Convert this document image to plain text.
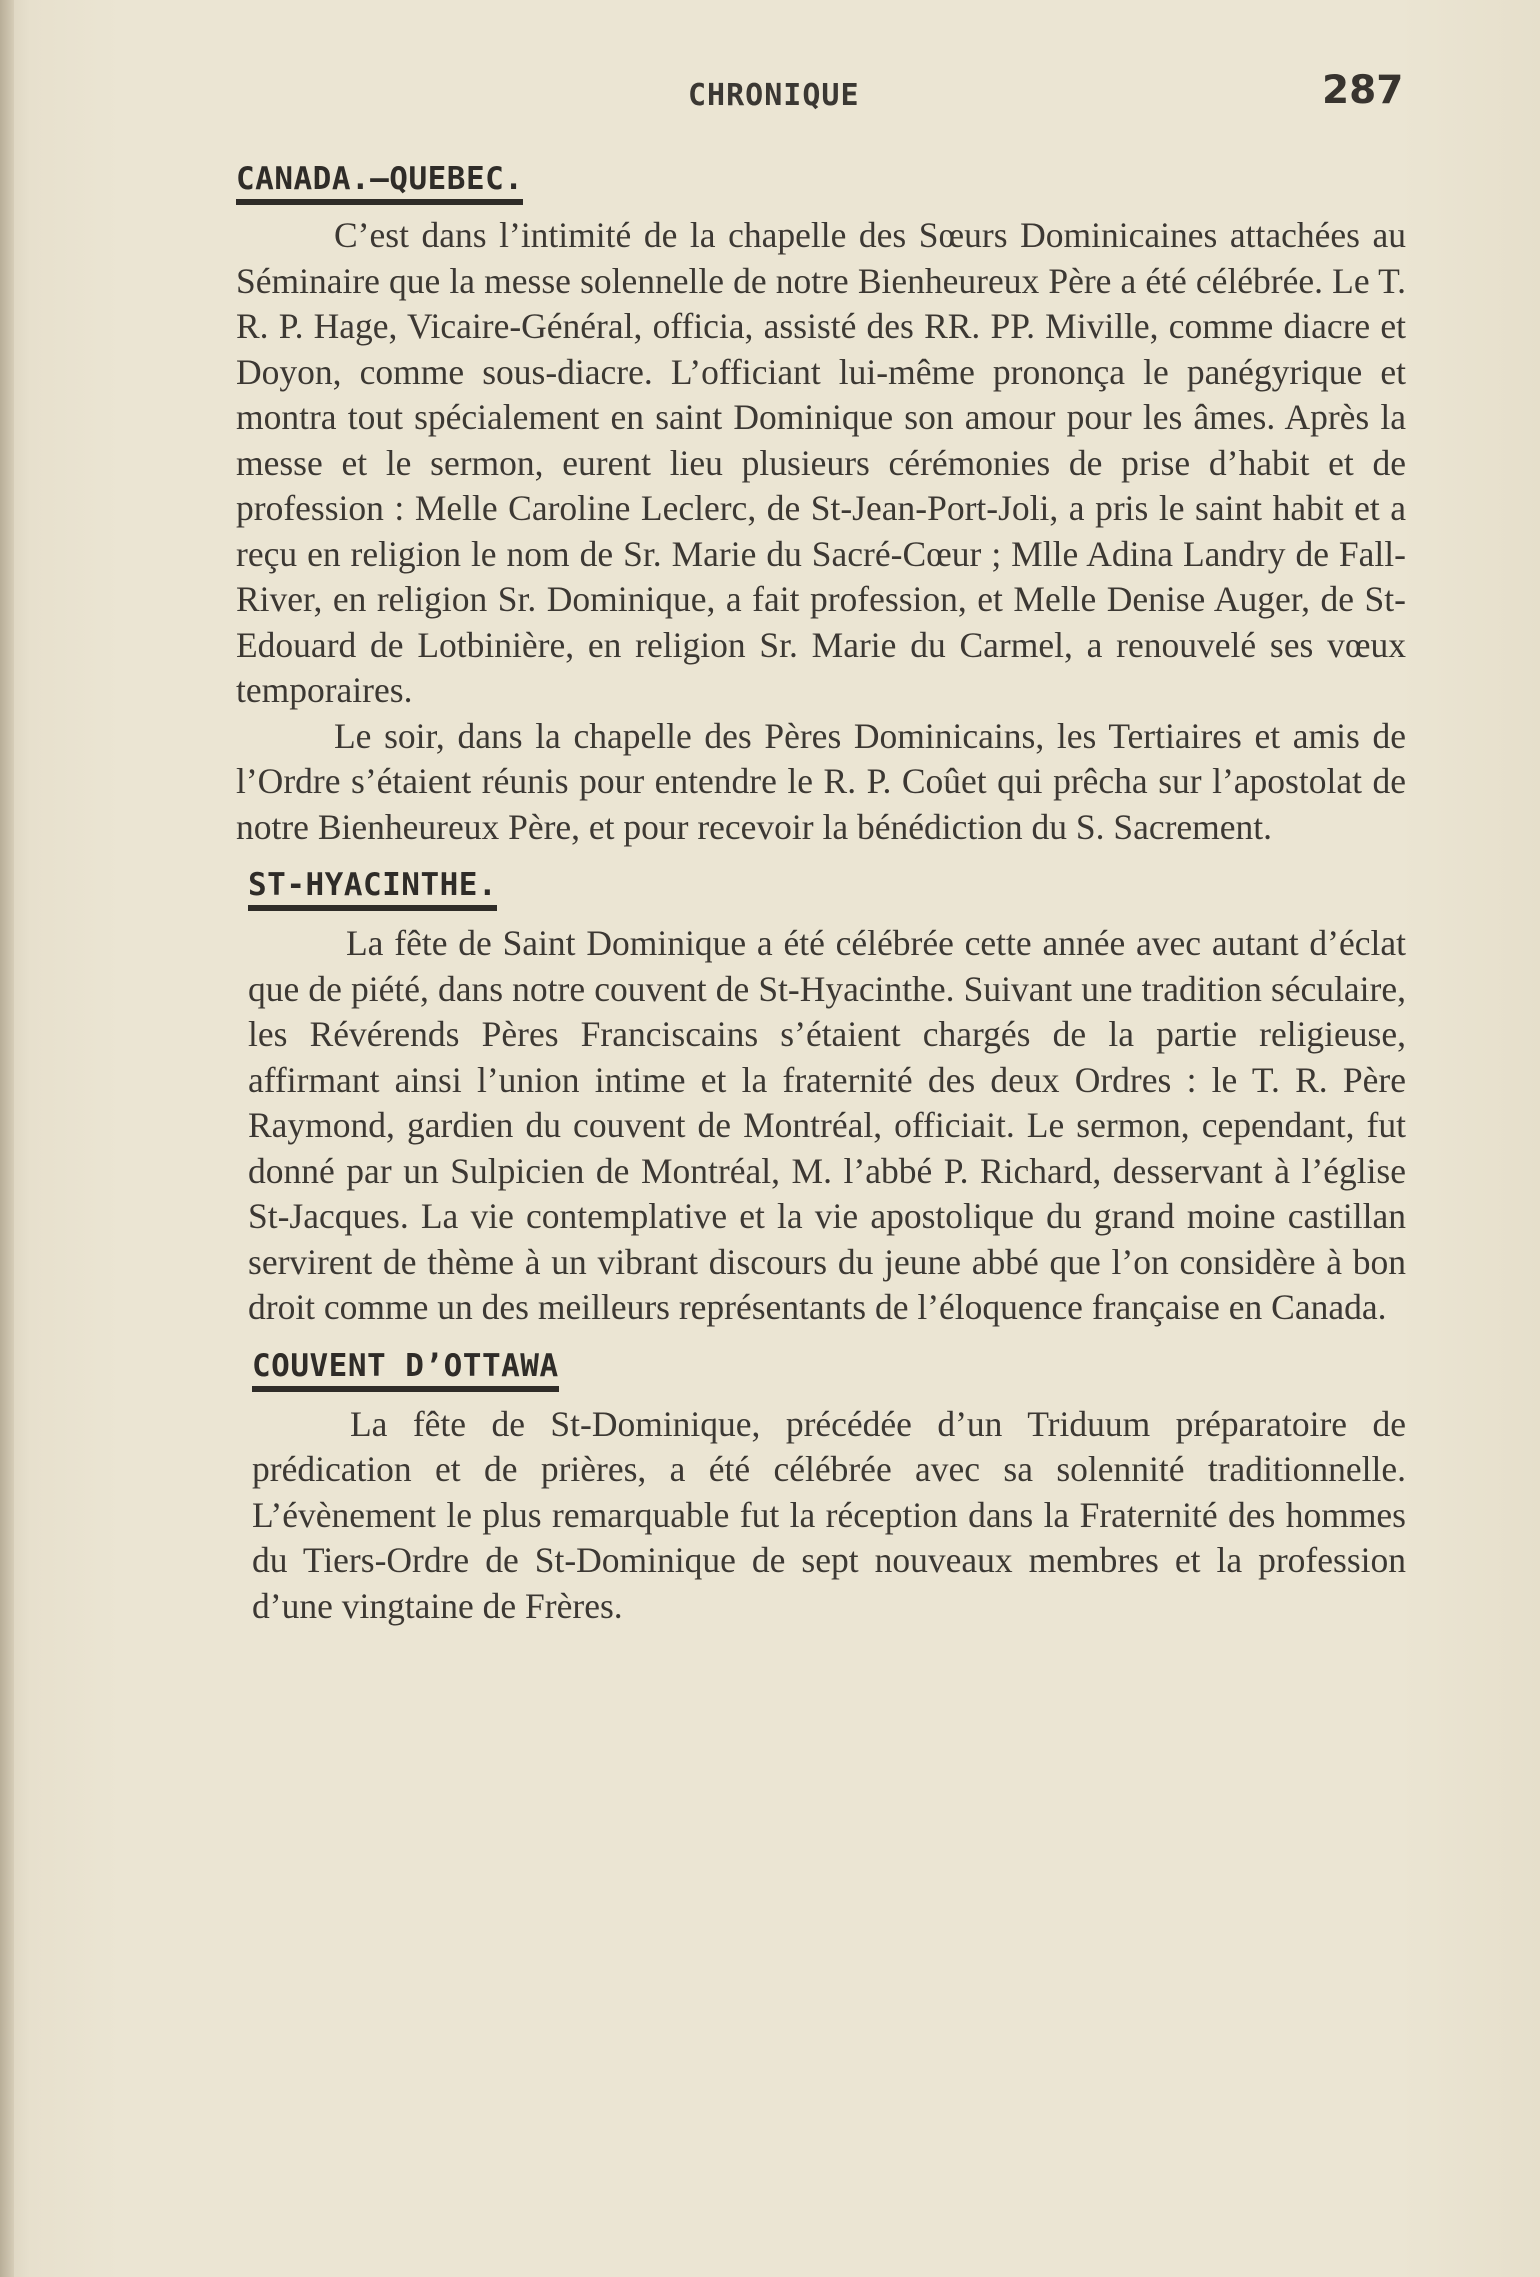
CHRONIQUE	287
CANADA.—QUEBEC.

C’est dans l’intimité de la chapelle des Sœurs Dominicaines attachées au Séminaire que la messe solennelle de notre Bienheureux Père a été célébrée. Le T. R. P. Hage, Vicaire-Général, officia, assisté des RR. PP. Miville, comme diacre et Doyon, comme sous-diacre. L’officiant lui-même prononça le panégyrique et montra tout spécialement en saint Dominique son amour pour les âmes. Après la messe et le sermon, eurent lieu plusieurs cérémonies de prise d’habit et de profession : Melle Caroline Leclerc, de St-Jean-Port-Joli, a pris le saint habit et a reçu en religion le nom de Sr. Marie du Sacré-Cœur ; Mlle Adina Landry de Fall-River, en religion Sr. Dominique, a fait profession, et Melle Denise Auger, de St-Edouard de Lotbinière, en religion Sr. Marie du Carmel, a renouvelé ses vœux temporaires.

Le soir, dans la chapelle des Pères Dominicains, les Tertiaires et amis de l’Ordre s’étaient réunis pour entendre le R. P. Coûet qui prêcha sur l’apostolat de notre Bienheureux Père, et pour recevoir la bénédiction du S. Sacrement.

ST-HYACINTHE.

La fête de Saint Dominique a été célébrée cette année avec autant d’éclat que de piété, dans notre couvent de St-Hyacinthe. Suivant une tradition séculaire, les Révérends Pères Franciscains s’étaient chargés de la partie religieuse, affirmant ainsi l’union intime et la fraternité des deux Ordres : le T. R. Père Raymond, gardien du couvent de Montréal, officiait. Le sermon, cependant, fut donné par un Sulpicien de Montréal, M. l’abbé P. Richard, desservant à l’église St-Jacques. La vie contemplative et la vie apostolique du grand moine castillan servirent de thème à un vibrant discours du jeune abbé que l’on considère à bon droit comme un des meilleurs représentants de l’éloquence française en Canada.

COUVENT D’OTTAWA

La fête de St-Dominique, précédée d’un Triduum préparatoire de prédication et de prières, a été célébrée avec sa solennité traditionnelle. L’évènement le plus remarquable fut la réception dans la Fraternité des hommes du Tiers-Ordre de St-Dominique de sept nouveaux membres et la profession d’une vingtaine de Frères.
